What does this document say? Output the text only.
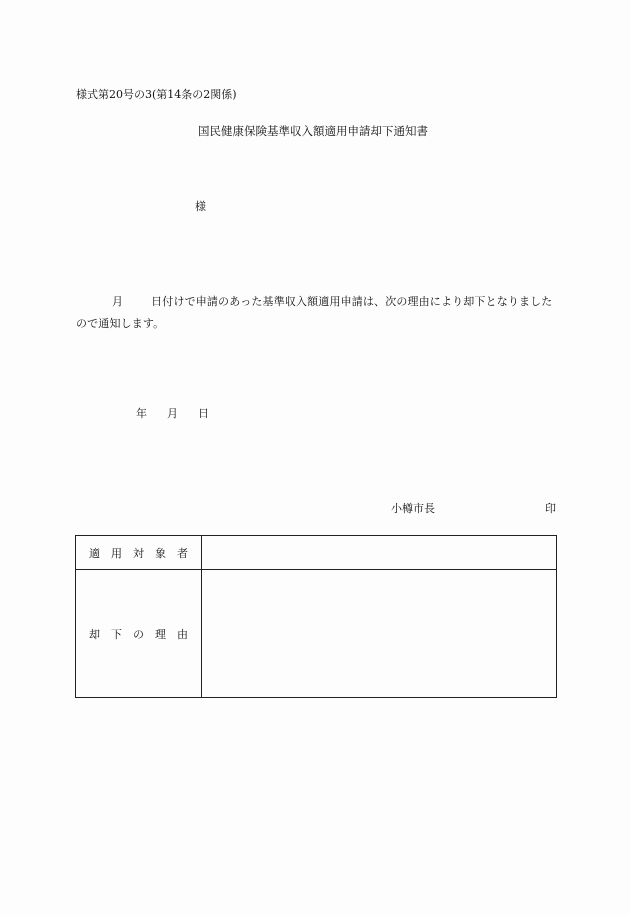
様式第20号の3(第14条の2関係)
国民健康保険基準収入額適用申請却下通知書
様
月	日付けで申請のあった基準収入額適用申請は、次の理由により却下となりましたので通知します。
年 月 日
小樽市長	印
適用対象者	
却下の理由	
